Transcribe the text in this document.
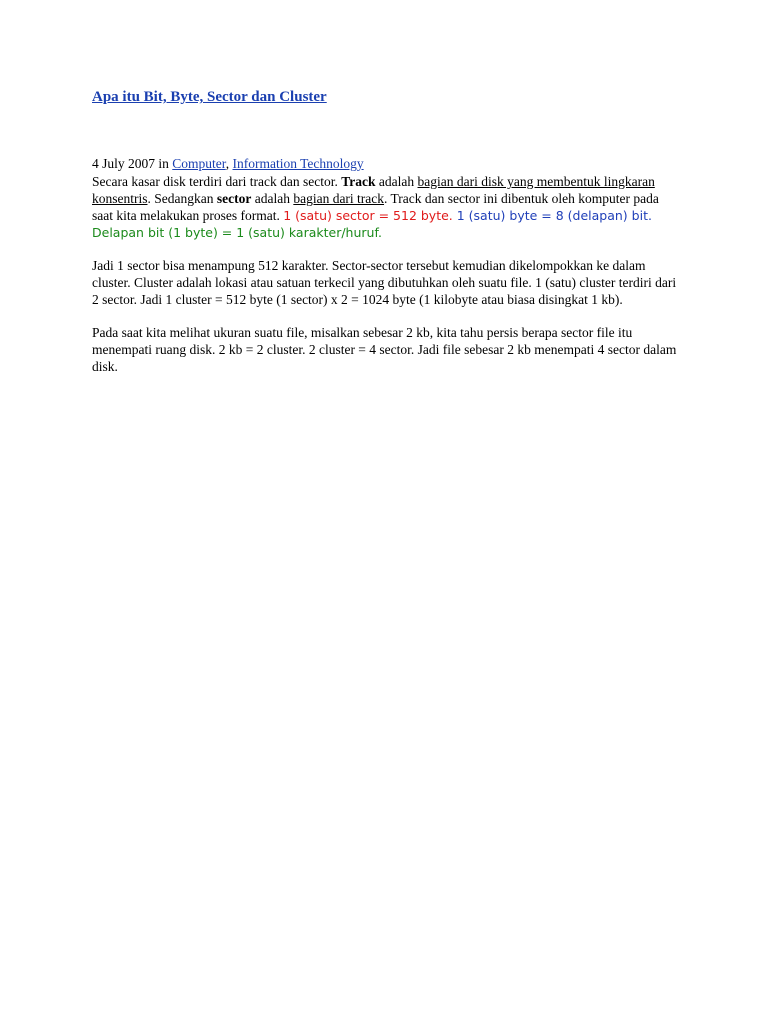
Apa itu Bit, Byte, Sector dan Cluster
4 July 2007 in Computer, Information Technology

Secara kasar disk terdiri dari track dan sector. Track adalah bagian dari disk yang membentuk lingkaran konsentris. Sedangkan sector adalah bagian dari track. Track dan sector ini dibentuk oleh komputer pada saat kita melakukan proses format. 1 (satu) sector = 512 byte. 1 (satu) byte = 8 (delapan) bit. Delapan bit (1 byte) = 1 (satu) karakter/huruf.

Jadi 1 sector bisa menampung 512 karakter. Sector-sector tersebut kemudian dikelompokkan ke dalam cluster. Cluster adalah lokasi atau satuan terkecil yang dibutuhkan oleh suatu file. 1 (satu) cluster terdiri dari 2 sector. Jadi 1 cluster = 512 byte (1 sector) x 2 = 1024 byte (1 kilobyte atau biasa disingkat 1 kb).

Pada saat kita melihat ukuran suatu file, misalkan sebesar 2 kb, kita tahu persis berapa sector file itu menempati ruang disk. 2 kb = 2 cluster. 2 cluster = 4 sector. Jadi file sebesar 2 kb menempati 4 sector dalam disk.
